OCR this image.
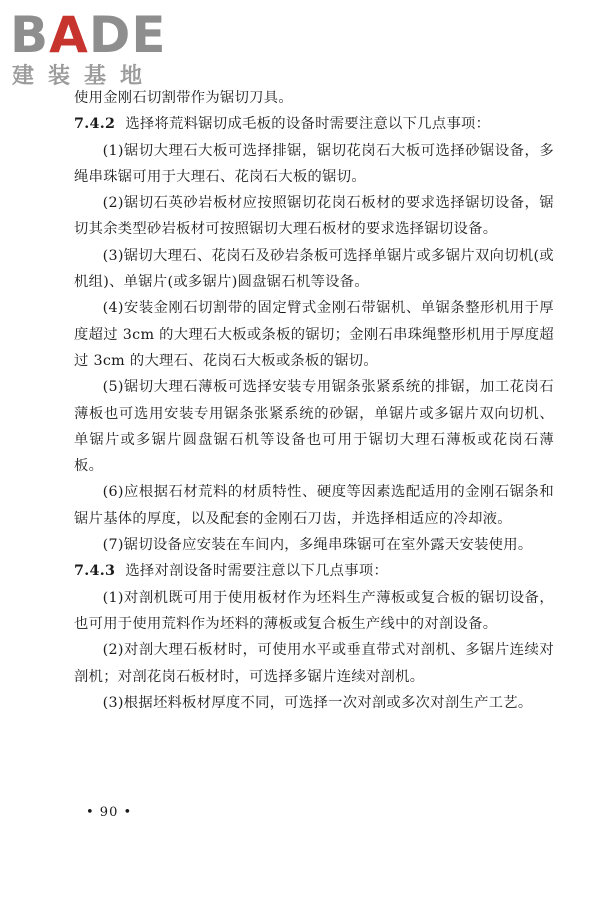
BADE
建装基地

使用金刚石切割带作为锯切刀具。

7.4.2 选择将荒料锯切成毛板的设备时需要注意以下几点事项：

(1)锯切大理石大板可选择排锯，锯切花岗石大板可选择砂锯设备，多绳串珠锯可用于大理石、花岗石大板的锯切。

(2)锯切石英砂岩板材应按照锯切花岗石板材的要求选择锯切设备，锯切其余类型砂岩板材可按照锯切大理石板材的要求选择锯切设备。

(3)锯切大理石、花岗石及砂岩条板可选择单锯片或多锯片双向切机(或机组)、单锯片(或多锯片)圆盘锯石机等设备。

(4)安装金刚石切割带的固定臂式金刚石带锯机、单锯条整形机用于厚度超过 3cm 的大理石大板或条板的锯切；金刚石串珠绳整形机用于厚度超过 3cm 的大理石、花岗石大板或条板的锯切。

(5)锯切大理石薄板可选择安装专用锯条张紧系统的排锯，加工花岗石薄板也可选用安装专用锯条张紧系统的砂锯，单锯片或多锯片双向切机、单锯片或多锯片圆盘锯石机等设备也可用于锯切大理石薄板或花岗石薄板。

(6)应根据石材荒料的材质特性、硬度等因素选配适用的金刚石锯条和锯片基体的厚度，以及配套的金刚石刀齿，并选择相适应的冷却液。

(7)锯切设备应安装在车间内，多绳串珠锯可在室外露天安装使用。

7.4.3 选择对剖设备时需要注意以下几点事项：

(1)对剖机既可用于使用板材作为坯料生产薄板或复合板的锯切设备，也可用于使用荒料作为坯料的薄板或复合板生产线中的对剖设备。

(2)对剖大理石板材时，可使用水平或垂直带式对剖机、多锯片连续对剖机；对剖花岗石板材时，可选择多锯片连续对剖机。

(3)根据坯料板材厚度不同，可选择一次对剖或多次对剖生产工艺。

• 90 •
